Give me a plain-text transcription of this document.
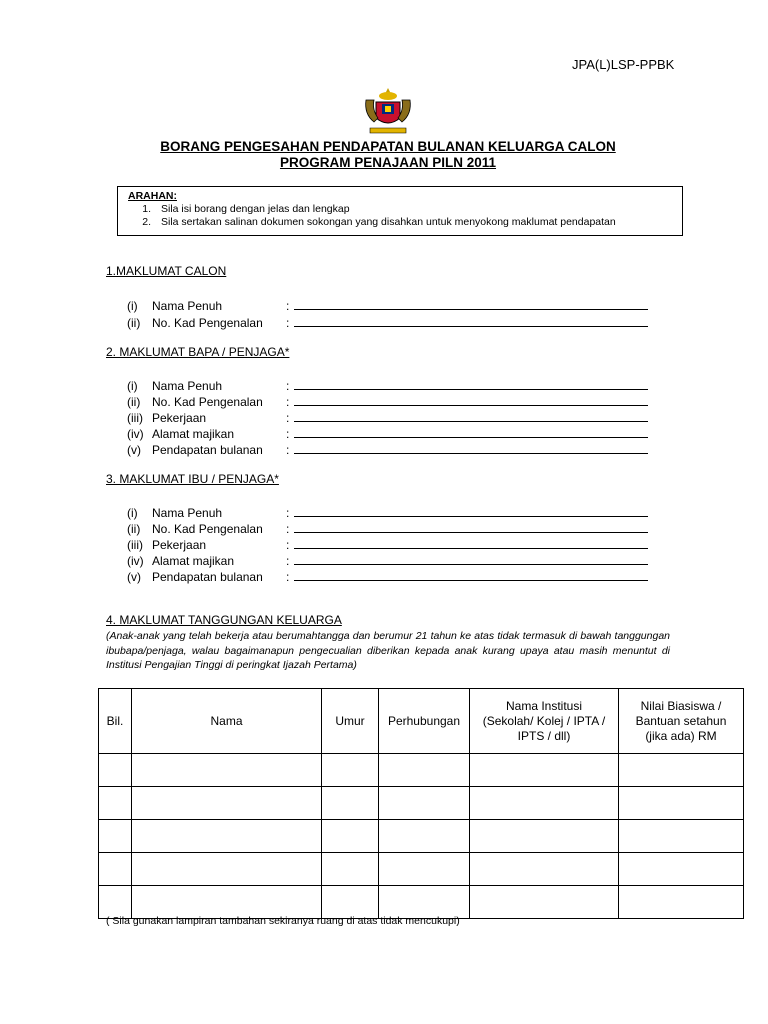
JPA(L)LSP-PPBK
BORANG PENGESAHAN PENDAPATAN BULANAN KELUARGA CALON
PROGRAM PENAJAAN PILN 2011
ARAHAN:
1. Sila isi borang dengan jelas dan lengkap
2. Sila sertakan salinan dokumen sokongan yang disahkan untuk menyokong maklumat pendapatan
1.MAKLUMAT CALON
(i)	Nama Penuh	:
(ii) No. Kad Pengenalan	:
2. MAKLUMAT BAPA / PENJAGA*
(i)	Nama Penuh	:
(ii) No. Kad Pengenalan	:
(iii) Pekerjaan	:
(iv) Alamat majikan	:
(v) Pendapatan bulanan	:
3. MAKLUMAT IBU / PENJAGA*
(i)	Nama Penuh	:
(ii) No. Kad Pengenalan	:
(iii) Pekerjaan	:
(iv) Alamat majikan	:
(v) Pendapatan bulanan	:
4. MAKLUMAT TANGGUNGAN KELUARGA
(Anak-anak yang telah bekerja atau berumahtangga dan berumur 21 tahun ke atas tidak termasuk di bawah tanggungan ibubapa/penjaga, walau bagaimanapun pengecualian diberikan kepada anak kurang upaya atau masih menuntut di Institusi Pengajian Tinggi di peringkat Ijazah Pertama)
Bil.	Nama	Umur	Perhubungan	Nama Institusi (Sekolah/ Kolej / IPTA / IPTS / dll)	Nilai Biasiswa / Bantuan setahun (jika ada) RM

( Sila gunakan lampiran tambahan sekiranya ruang di atas tidak mencukupi)
